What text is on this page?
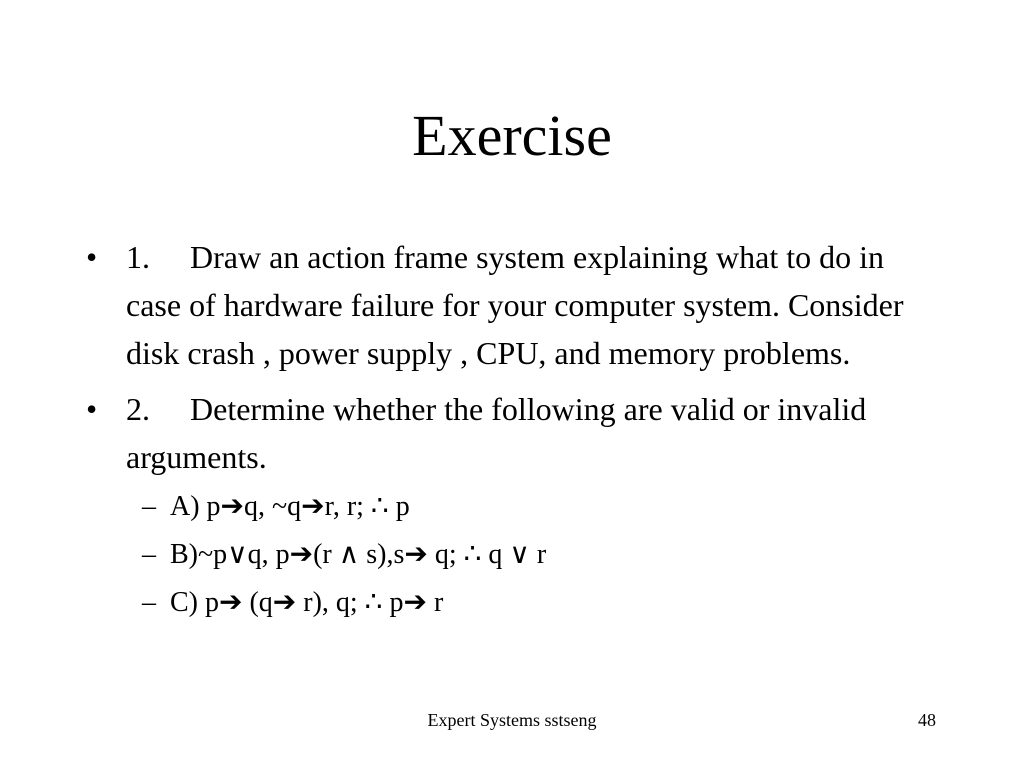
Exercise
• 1. Draw an action frame system explaining what to do in case of hardware failure for your computer system. Consider disk crash , power supply , CPU, and memory problems.
• 2. Determine whether the following are valid or invalid arguments.
– A) p➔q, ~q➔r, r; ∴ p
– B)~p∨q, p➔(r ∧ s),s➔ q; ∴ q ∨ r
– C) p➔ (q➔ r), q; ∴ p➔ r
Expert Systems sstseng	48
